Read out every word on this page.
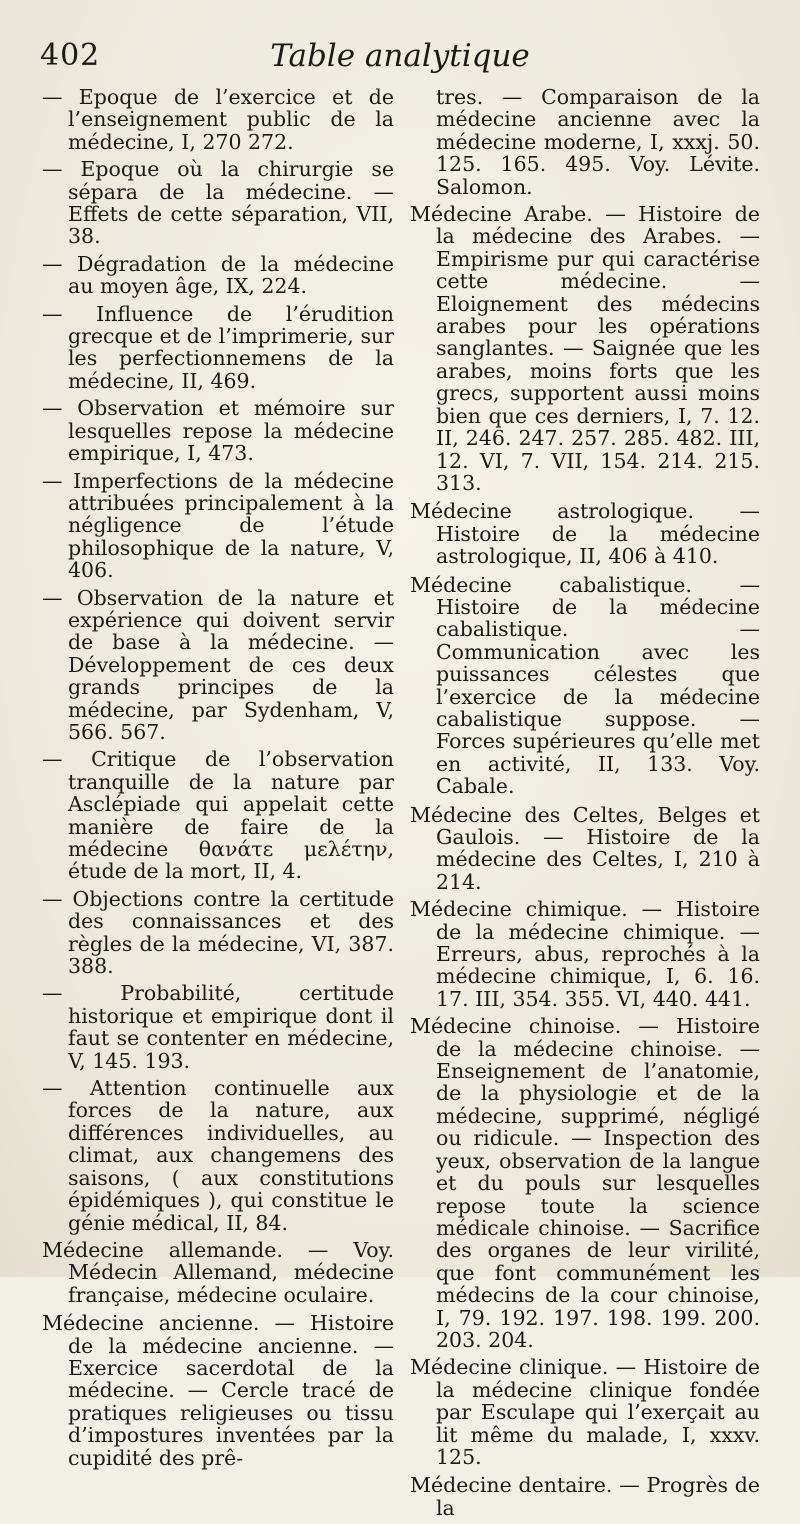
402	Table analytique

— Epoque de l’exercice et de l’enseignement public de la médecine, I, 270 272.

— Epoque où la chirurgie se sépara de la médecine. — Effets de cette séparation, VII, 38.

— Dégradation de la médecine au moyen âge, IX, 224.

— Influence de l’érudition grecque et de l’imprimerie, sur les perfectionnemens de la médecine, II, 469.

— Observation et mémoire sur lesquelles repose la médecine empirique, I, 473.

— Imperfections de la médecine attribuées principalement à la négligence de l’étude philosophique de la nature, V, 406.

— Observation de la nature et expérience qui doivent servir de base à la médecine. — Développement de ces deux grands principes de la médecine, par Sydenham, V, 566. 567.

— Critique de l’observation tranquille de la nature par Asclépiade qui appelait cette manière de faire de la médecine θανάτε μελέτην, étude de la mort, II, 4.

— Objections contre la certitude des connaissances et des règles de la médecine, VI, 387. 388.

— Probabilité, certitude historique et empirique dont il faut se contenter en médecine, V, 145. 193.

— Attention continuelle aux forces de la nature, aux différences individuelles, au climat, aux changemens des saisons, ( aux constitutions épidémiques ), qui constitue le génie médical, II, 84.

Médecine allemande. — Voy. Médecin Allemand, médecine française, médecine oculaire.

Médecine ancienne. — Histoire de la médecine ancienne. — Exercice sacerdotal de la médecine. — Cercle tracé de pratiques religieuses ou tissu d’impostures inventées par la cupidité des prê-

tres. — Comparaison de la médecine ancienne avec la médecine moderne, I, xxxj. 50. 125. 165. 495. Voy. Lévite. Salomon.

Médecine Arabe. — Histoire de la médecine des Arabes. — Empirisme pur qui caractérise cette médecine. — Eloignement des médecins arabes pour les opérations sanglantes. — Saignée que les arabes, moins forts que les grecs, supportent aussi moins bien que ces derniers, I, 7. 12. II, 246. 247. 257. 285. 482. III, 12. VI, 7. VII, 154. 214. 215. 313.

Médecine astrologique. — Histoire de la médecine astrologique, II, 406 à 410.

Médecine cabalistique. — Histoire de la médecine cabalistique. — Communication avec les puissances célestes que l’exercice de la médecine cabalistique suppose. — Forces supérieures qu’elle met en activité, II, 133. Voy. Cabale.

Médecine des Celtes, Belges et Gaulois. — Histoire de la médecine des Celtes, I, 210 à 214.

Médecine chimique. — Histoire de la médecine chimique. — Erreurs, abus, reprochés à la médecine chimique, I, 6. 16. 17. III, 354. 355. VI, 440. 441.

Médecine chinoise. — Histoire de la médecine chinoise. — Enseignement de l’anatomie, de la physiologie et de la médecine, supprimé, négligé ou ridicule. — Inspection des yeux, observation de la langue et du pouls sur lesquelles repose toute la science médicale chinoise. — Sacrifice des organes de leur virilité, que font communément les médecins de la cour chinoise, I, 79. 192. 197. 198. 199. 200. 203. 204.

Médecine clinique. — Histoire de la médecine clinique fondée par Esculape qui l’exerçait au lit même du malade, I, xxxv. 125.

Médecine dentaire. — Progrès de la
